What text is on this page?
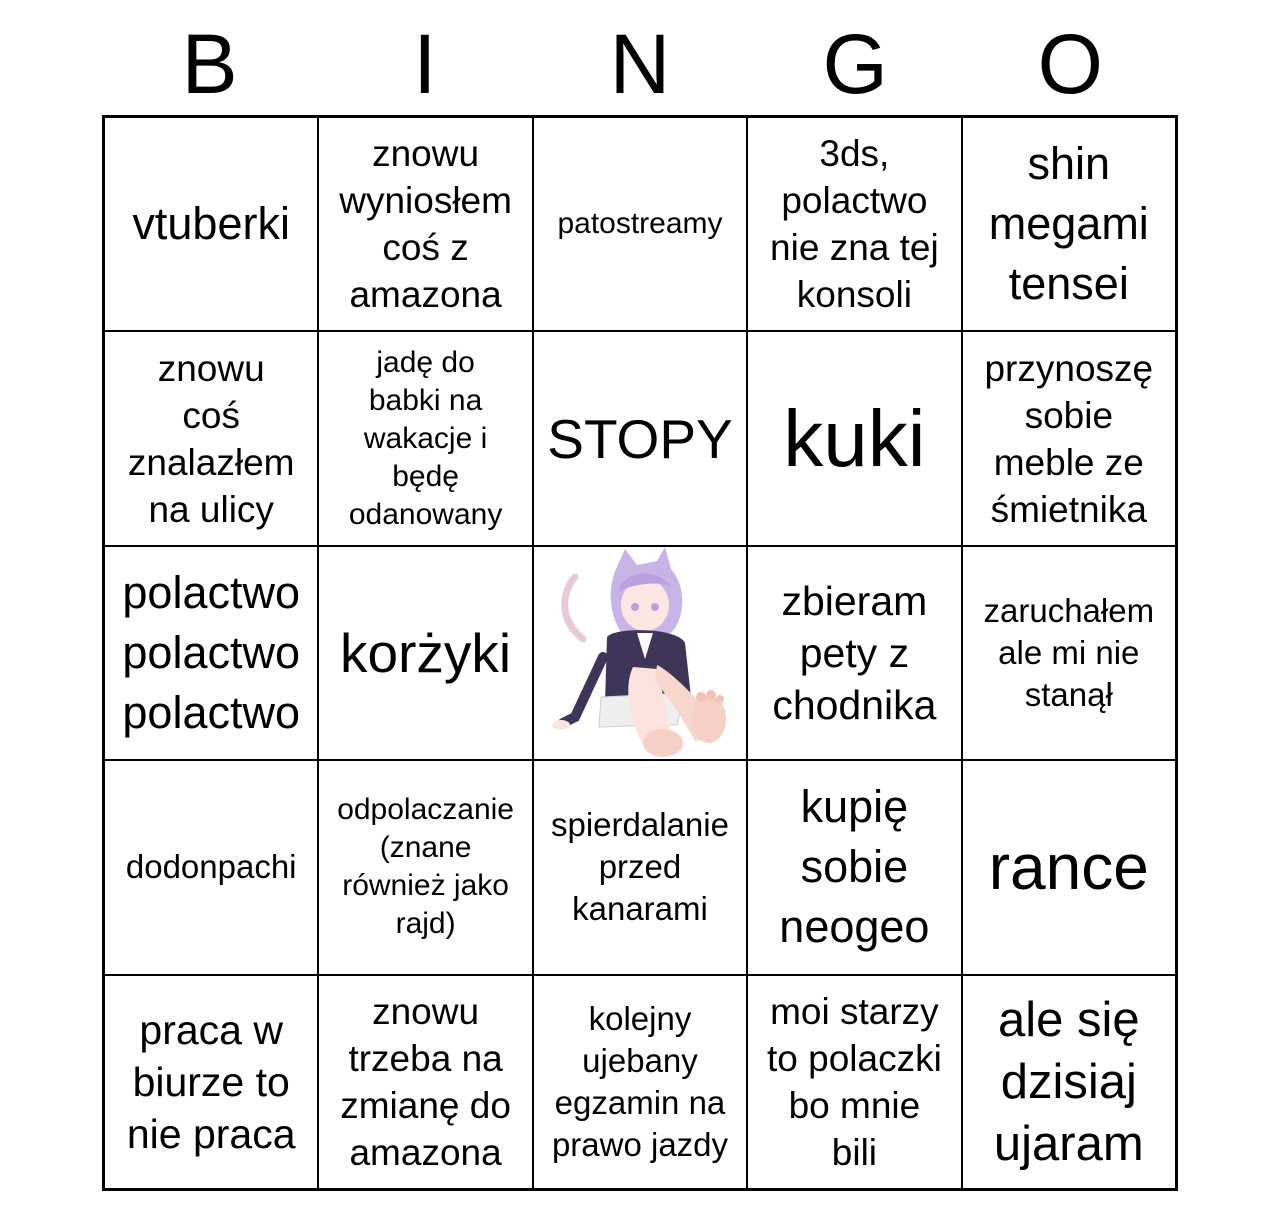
B	I	N	G	O
vtuberki
znowu
wyniosłem
coś z
amazona
patostreamy
3ds,
polactwo
nie zna tej
konsoli
shin
megami
tensei
znowu
coś
znalazłem
na ulicy
jadę do
babki na
wakacje i
będę
odanowany
STOPY kuki
przynoszę
sobie
meble ze
śmietnika
polactwo
polactwo
polactwo
korżyki
zbieram
pety z
chodnika
zaruchałem
ale mi nie
stanął
dodonpachi
odpolaczanie
(znane
również jako
rajd)
spierdalanie
przed
kanarami
kupię
sobie
neogeo
rance
praca w
biurze to
nie praca
znowu
trzeba na
zmianę do
amazona
kolejny
ujebany
egzamin na
prawo jazdy
moi starzy
to polaczki
bo mnie
bili
ale się
dzisiaj
ujaram
